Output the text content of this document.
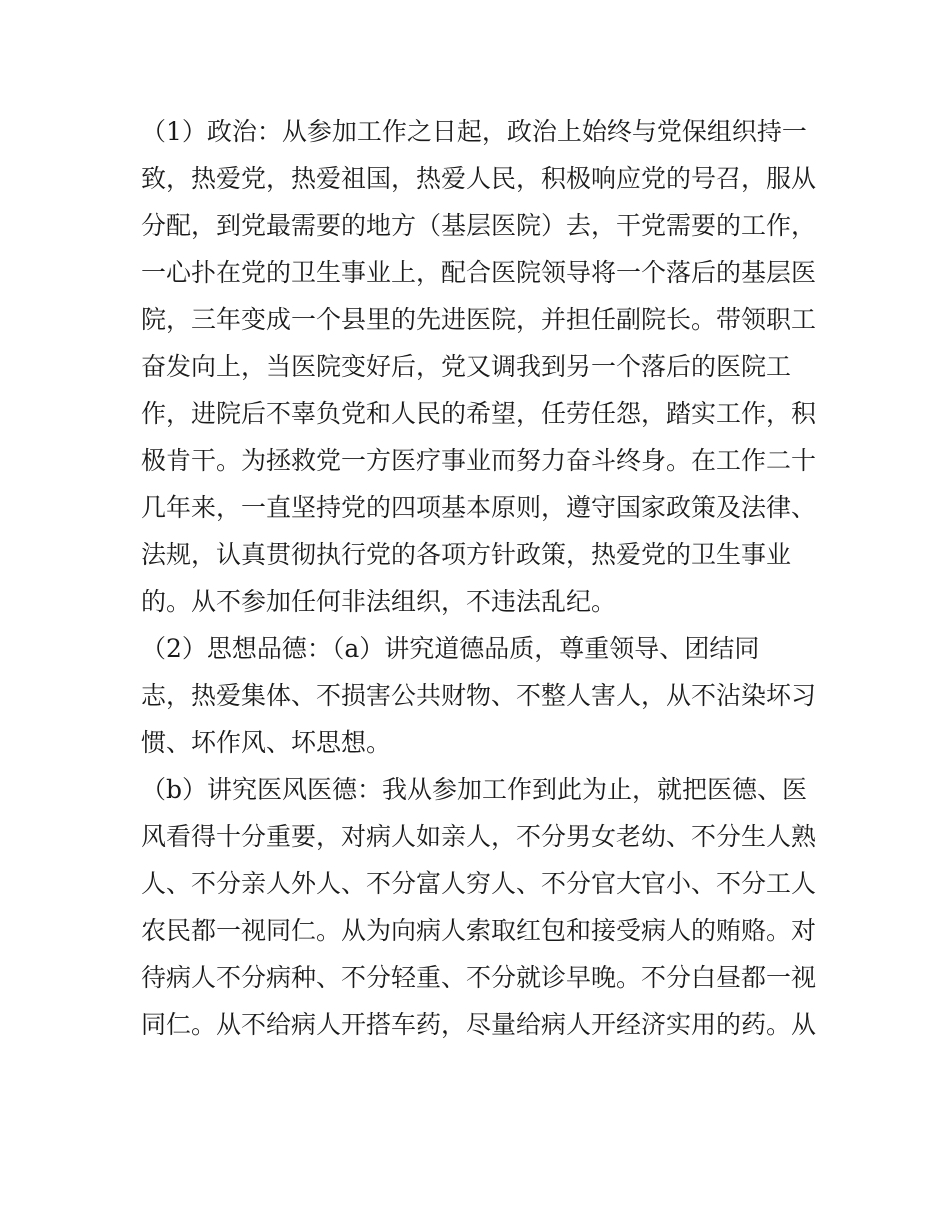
（1）政治：从参加工作之日起，政治上始终与党保组织持一
致，热爱党，热爱祖国，热爱人民，积极响应党的号召，服从
分配，到党最需要的地方（基层医院）去，干党需要的工作，
一心扑在党的卫生事业上，配合医院领导将一个落后的基层医
院，三年变成一个县里的先进医院，并担任副院长。带领职工
奋发向上，当医院变好后，党又调我到另一个落后的医院工
作，进院后不辜负党和人民的希望，任劳任怨，踏实工作，积
极肯干。为拯救党一方医疗事业而努力奋斗终身。在工作二十
几年来，一直坚持党的四项基本原则，遵守国家政策及法律、
法规，认真贯彻执行党的各项方针政策，热爱党的卫生事业
的。从不参加任何非法组织，不违法乱纪。
（2）思想品德：（a）讲究道德品质，尊重领导、团结同
志，热爱集体、不损害公共财物、不整人害人，从不沾染坏习
惯、坏作风、坏思想。
（b）讲究医风医德：我从参加工作到此为止，就把医德、医
风看得十分重要，对病人如亲人，不分男女老幼、不分生人熟
人、不分亲人外人、不分富人穷人、不分官大官小、不分工人
农民都一视同仁。从为向病人索取红包和接受病人的贿赂。对
待病人不分病种、不分轻重、不分就诊早晚。不分白昼都一视
同仁。从不给病人开搭车药，尽量给病人开经济实用的药。从
